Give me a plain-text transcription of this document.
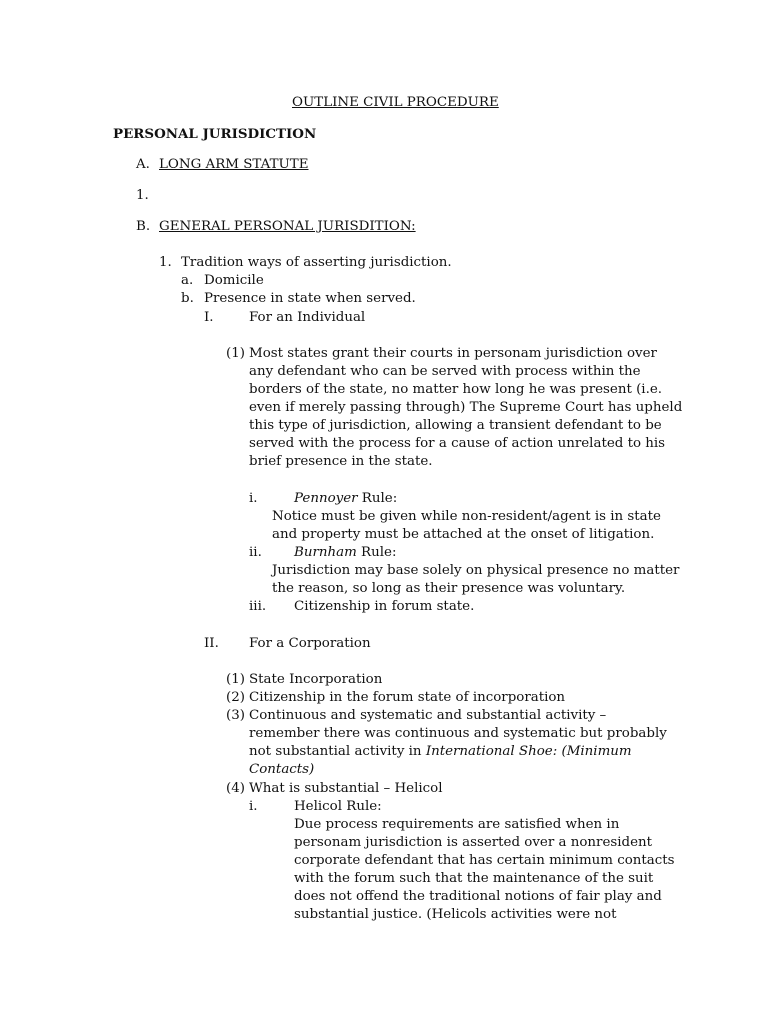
OUTLINE CIVIL PROCEDURE
PERSONAL JURISDICTION
A. LONG ARM STATUTE
1.
B. GENERAL PERSONAL JURISDITION:
1. Tradition ways of asserting jurisdiction.
a. Domicile
b. Presence in state when served.
I.	For an Individual
(1) Most states grant their courts in personam jurisdiction over
any defendant who can be served with process within the
borders of the state, no matter how long he was present (i.e.
even if merely passing through) The Supreme Court has upheld
this type of jurisdiction, allowing a transient defendant to be
served with the process for a cause of action unrelated to his
brief presence in the state.
i.	Pennoyer Rule:
Notice must be given while non-resident/agent is in state
and property must be attached at the onset of litigation.
ii. Burnham Rule:
Jurisdiction may base solely on physical presence no matter
the reason, so long as their presence was voluntary.
iii. Citizenship in forum state.
II. For a Corporation
(1) State Incorporation
(2) Citizenship in the forum state of incorporation
(3) Continuous and systematic and substantial activity –
remember there was continuous and systematic but probably
not substantial activity in International Shoe: (Minimum
Contacts)
(4) What is substantial – Helicol
i.	Helicol Rule:
Due process requirements are satisfied when in
personam jurisdiction is asserted over a nonresident
corporate defendant that has certain minimum contacts
with the forum such that the maintenance of the suit
does not offend the traditional notions of fair play and
substantial justice. (Helicols activities were not
